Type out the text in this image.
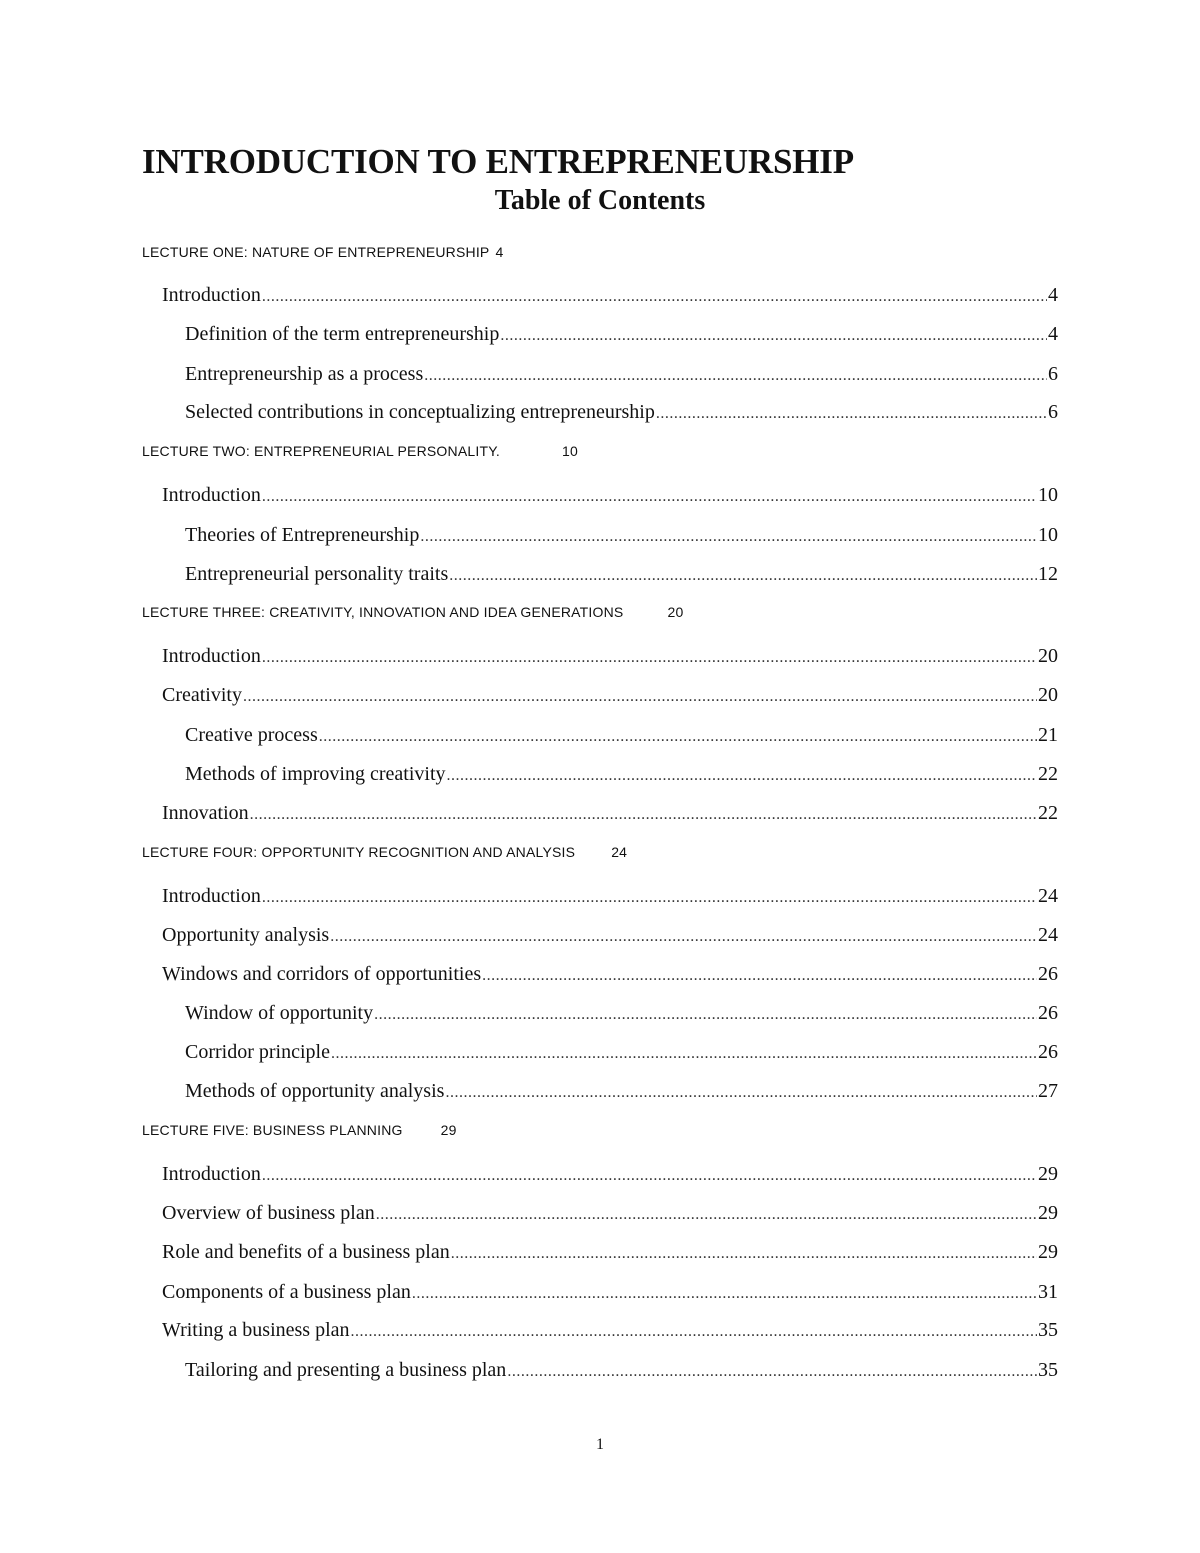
INTRODUCTION TO ENTREPRENEURSHIP
Table of Contents
LECTURE ONE: NATURE OF ENTREPRENEURSHIP 4
Introduction .....	4
Definition of the term entrepreneurship .....	4
Entrepreneurship as a process .....	6
Selected contributions in conceptualizing entrepreneurship .....	6
LECTURE TWO: ENTREPRENEURIAL PERSONALITY.	10
Introduction .....	10
Theories of Entrepreneurship .....	10
Entrepreneurial personality traits .....	12
LECTURE THREE: CREATIVITY, INNOVATION AND IDEA GENERATIONS	20
Introduction .....	20
Creativity .....	20
Creative process .....	21
Methods of improving creativity .....	22
Innovation .....	22
LECTURE FOUR: OPPORTUNITY RECOGNITION AND ANALYSIS	24
Introduction .....	24
Opportunity analysis .....	24
Windows and corridors of opportunities .....	26
Window of opportunity .....	26
Corridor principle .....	26
Methods of opportunity analysis .....	27
LECTURE FIVE: BUSINESS PLANNING	29
Introduction .....	29
Overview of business plan .....	29
Role and benefits of a business plan .....	29
Components of a business plan .....	31
Writing a business plan .....	35
Tailoring and presenting a business plan .....	35
1
